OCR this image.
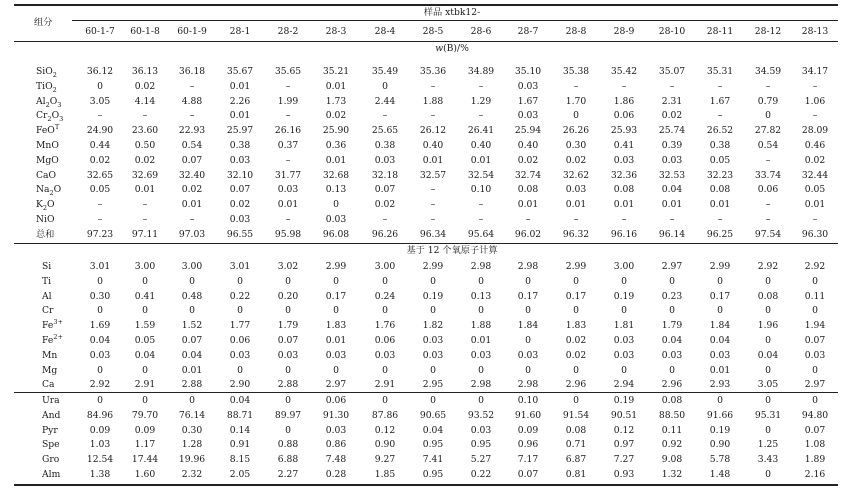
组分
样品 xtbk12-
60-1-7 60-1-8 60-1-9 28-1	28-2	28-3	28-4	28-5	28-6	28-7	28-8	28-9	28-10 28-11 28-12 28-13
w(B)/%
基于 12 个氧原子计算
SiO$_2$	36.12 36.13 36.18 35.67 35.65 35.21 35.49 35.36 34.89 35.10 35.38 35.42 35.07 35.31 34.59 34.17
TiO$_2$	0	0.02	–	0.01	–	0.01	0	–	–	0.03	–	–	–	–	–	–
$Al_2O_3$	3.05	4.14	4.88	2.26	1.99	1.73	2.44	1.88	1.29	1.67	1.70	1.86	2.31	1.67	0.79	1.06
$Cr_2O_3$	–	–	–	0.01	–	0.02	–	–	–	0.03	0	0.06	0.02	–	0	–
FeO$^T$	24.90 23.60 22.93 25.97 26.16 25.90 25.65 26.12 26.41 25.94 26.26 25.93 25.74 26.52 27.82 28.09
MnO	0.44	0.50	0.54	0.38	0.37	0.36	0.38	0.40	0.40	0.40	0.30	0.41	0.39	0.38	0.54	0.46
MgO	0.02	0.02	0.07	0.03	–	0.01	0.03	0.01	0.01	0.02	0.02	0.03	0.03	0.05	–	0.02
CaO	32.65 32.69 32.40 32.10 31.77 32.68 32.18 32.57 32.54 32.74 32.62 32.36 32.53 32.23 33.74 32.44
$Na_2O$	0.05	0.01	0.02	0.07	0.03	0.13	0.07	–	0.10	0.08	0.03	0.08	0.04	0.08	0.06	0.05
$K_2O$	–	–	0.01	0.02	0.01	0	0.02	–	–	0.01	0.01	0.01	0.01	0.01	–	0.01
NiO	–	–	–	0.03	–	0.03	–	–	–	–	–	–	–	–	–	–
总和	97.23 97.11 97.03 96.55 95.98 96.08 96.26 96.34 95.64 96.02 96.32 96.16 96.14 96.25 97.54 96.30
Si	3.01	3.00	3.00	3.01	3.02	2.99	3.00	2.99	2.98	2.98	2.99	3.00	2.97	2.99	2.92	2.92
Ti	0	0	0	0	0	0	0	0	0	0	0	0	0	0	0	0
Al	0.30	0.41	0.48	0.22	0.20	0.17	0.24	0.19	0.13	0.17	0.17	0.19	0.23	0.17	0.08	0.11
Cr	0	0	0	0	0	0	0	0	0	0	0	0	0	0	0	0
$Fe^{3+}$	1.69	1.59	1.52	1.77	1.79	1.83	1.76	1.82	1.88	1.84	1.83	1.81	1.79	1.84	1.96	1.94
$Fe^{2+}$	0.04	0.05	0.07	0.06	0.07	0.01	0.06	0.03	0.01	0	0.02	0.03	0.04	0.04	0	0.07
Mn	0.03	0.04	0.04	0.03	0.03	0.03	0.03	0.03	0.03	0.03	0.02	0.03	0.03	0.03	0.04	0.03
Mg	0	0	0.01	0	0	0	0	0	0	0	0	0	0	0.01	0	0
Ca	2.92	2.91	2.88	2.90	2.88	2.97	2.91	2.95	2.98	2.98	2.96	2.94	2.96	2.93	3.05	2.97
Ura	0	0	0	0.04	0	0.06	0	0	0	0.10	0	0.19	0.08	0	0	0
And	84.96 79.70 76.14 88.71 89.97 91.30 87.86 90.65 93.52 91.60 91.54 90.51 88.50 91.66 95.31 94.80
Pyr	0.09	0.09	0.30	0.14	0	0.03	0.12	0.04	0.03	0.09	0.08	0.12	0.11	0.19	0	0.07
Spe	1.03	1.17	1.28	0.91	0.88	0.86	0.90	0.95	0.95	0.96	0.71	0.97	0.92	0.90	1.25	1.08
Gro	12.54 17.44 19.96	8.15	6.88	7.48	9.27	7.41	5.27	7.17	6.87	7.27	9.08	5.78	3.43	1.89
Alm	1.38	1.60	2.32	2.05	2.27	0.28	1.85	0.95	0.22	0.07	0.81	0.93	1.32	1.48	0	2.16
